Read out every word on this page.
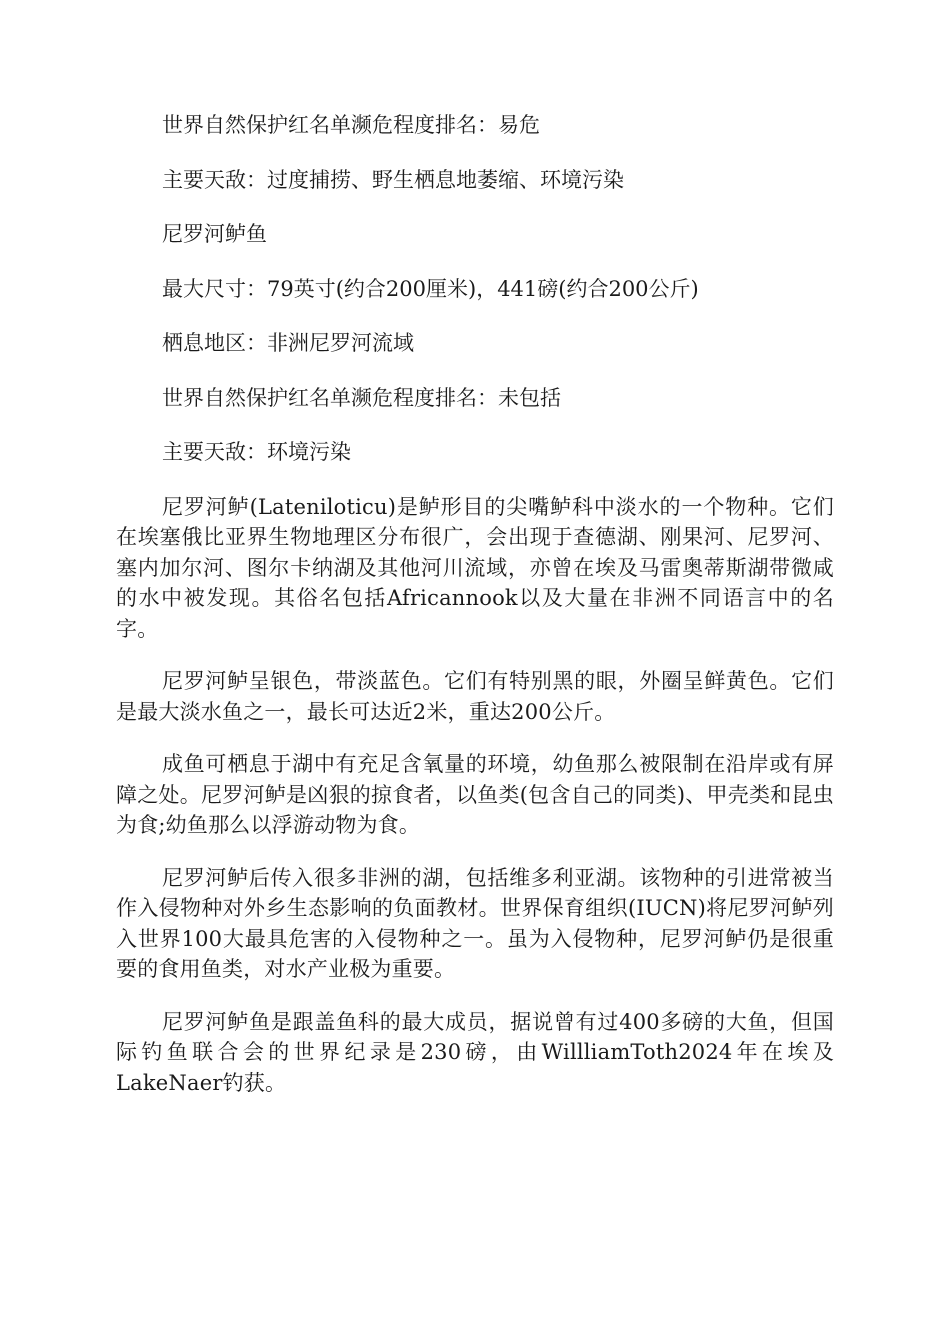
世界自然保护红名单濒危程度排名：易危

主要天敌：过度捕捞、野生栖息地萎缩、环境污染

尼罗河鲈鱼

最大尺寸：79英寸(约合200厘米)，441磅(约合200公斤)

栖息地区：非洲尼罗河流域

世界自然保护红名单濒危程度排名：未包括

主要天敌：环境污染

尼罗河鲈(Lateniloticu)是鲈形目的尖嘴鲈科中淡水的一个物种。它们在埃塞俄比亚界生物地理区分布很广，会出现于查德湖、刚果河、尼罗河、塞内加尔河、图尔卡纳湖及其他河川流域，亦曾在埃及马雷奥蒂斯湖带微咸的水中被发现。其俗名包括Africannook以及大量在非洲不同语言中的名字。

尼罗河鲈呈银色，带淡蓝色。它们有特别黑的眼，外圈呈鲜黄色。它们是最大淡水鱼之一，最长可达近2米，重达200公斤。

成鱼可栖息于湖中有充足含氧量的环境，幼鱼那么被限制在沿岸或有屏障之处。尼罗河鲈是凶狠的掠食者，以鱼类(包含自己的同类)、甲壳类和昆虫为食;幼鱼那么以浮游动物为食。

尼罗河鲈后传入很多非洲的湖，包括维多利亚湖。该物种的引进常被当作入侵物种对外乡生态影响的负面教材。世界保育组织(IUCN)将尼罗河鲈列入世界100大最具危害的入侵物种之一。虽为入侵物种，尼罗河鲈仍是很重要的食用鱼类，对水产业极为重要。

尼罗河鲈鱼是跟盖鱼科的最大成员，据说曾有过400多磅的大鱼，但国际钓鱼联合会的世界纪录是230磅，由WillliamToth2024年在埃及LakeNaer钓获。
